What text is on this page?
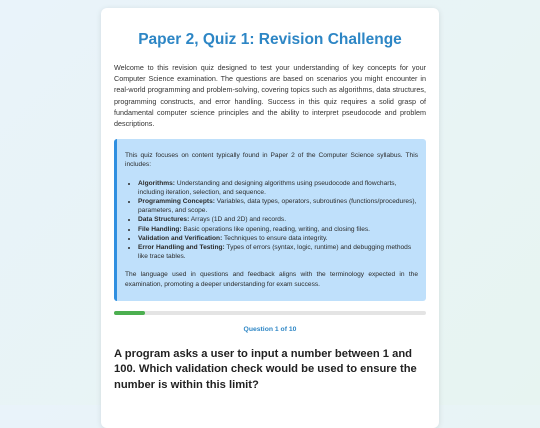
Paper 2, Quiz 1: Revision Challenge

Welcome to this revision quiz designed to test your understanding of key concepts for your Computer Science examination. The questions are based on scenarios you might encounter in real-world programming and problem-solving, covering topics such as algorithms, data structures, programming constructs, and error handling. Success in this quiz requires a solid grasp of fundamental computer science principles and the ability to interpret pseudocode and problem descriptions.

This quiz focuses on content typically found in Paper 2 of the Computer Science syllabus. This includes:

• Algorithms: Understanding and designing algorithms using pseudocode and flowcharts, including iteration, selection, and sequence.
• Programming Concepts: Variables, data types, operators, subroutines (functions/procedures), parameters, and scope.
• Data Structures: Arrays (1D and 2D) and records.
• File Handling: Basic operations like opening, reading, writing, and closing files.
• Validation and Verification: Techniques to ensure data integrity.
• Error Handling and Testing: Types of errors (syntax, logic, runtime) and debugging methods like trace tables.

The language used in questions and feedback aligns with the terminology expected in the examination, promoting a deeper understanding for exam success.

Question 1 of 10

A program asks a user to input a number between 1 and 100. Which validation check would be used to ensure the number is within this limit?
